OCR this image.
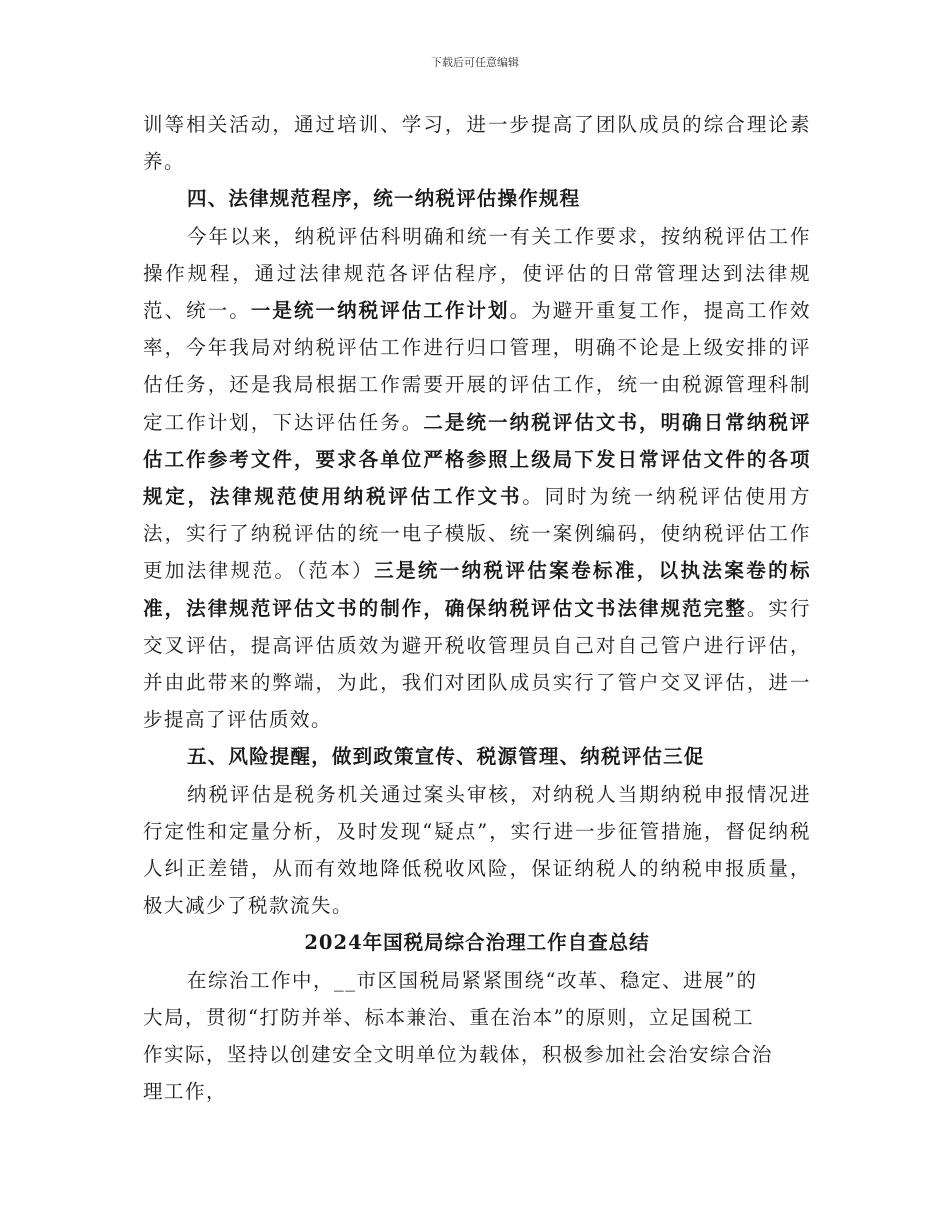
下载后可任意编辑

训等相关活动，通过培训、学习，进一步提高了团队成员的综合理论素养。

四、法律规范程序，统一纳税评估操作规程

今年以来，纳税评估科明确和统一有关工作要求，按纳税评估工作操作规程，通过法律规范各评估程序，使评估的日常管理达到法律规范、统一。一是统一纳税评估工作计划。为避开重复工作，提高工作效率，今年我局对纳税评估工作进行归口管理，明确不论是上级安排的评估任务，还是我局根据工作需要开展的评估工作，统一由税源管理科制定工作计划，下达评估任务。二是统一纳税评估文书，明确日常纳税评估工作参考文件，要求各单位严格参照上级局下发日常评估文件的各项规定，法律规范使用纳税评估工作文书。同时为统一纳税评估使用方法，实行了纳税评估的统一电子模版、统一案例编码，使纳税评估工作更加法律规范。（范本）三是统一纳税评估案卷标准，以执法案卷的标准，法律规范评估文书的制作，确保纳税评估文书法律规范完整。实行交叉评估，提高评估质效为避开税收管理员自己对自己管户进行评估，并由此带来的弊端，为此，我们对团队成员实行了管户交叉评估，进一步提高了评估质效。

五、风险提醒，做到政策宣传、税源管理、纳税评估三促

纳税评估是税务机关通过案头审核，对纳税人当期纳税申报情况进行定性和定量分析，及时发现“疑点”，实行进一步征管措施，督促纳税人纠正差错，从而有效地降低税收风险，保证纳税人的纳税申报质量，极大减少了税款流失。

2024年国税局综合治理工作自查总结

在综治工作中，__市区国税局紧紧围绕“改革、稳定、进展”的
大局，贯彻“打防并举、标本兼治、重在治本”的原则，立足国税工
作实际，坚持以创建安全文明单位为载体，积极参加社会治安综合治
理工作，
